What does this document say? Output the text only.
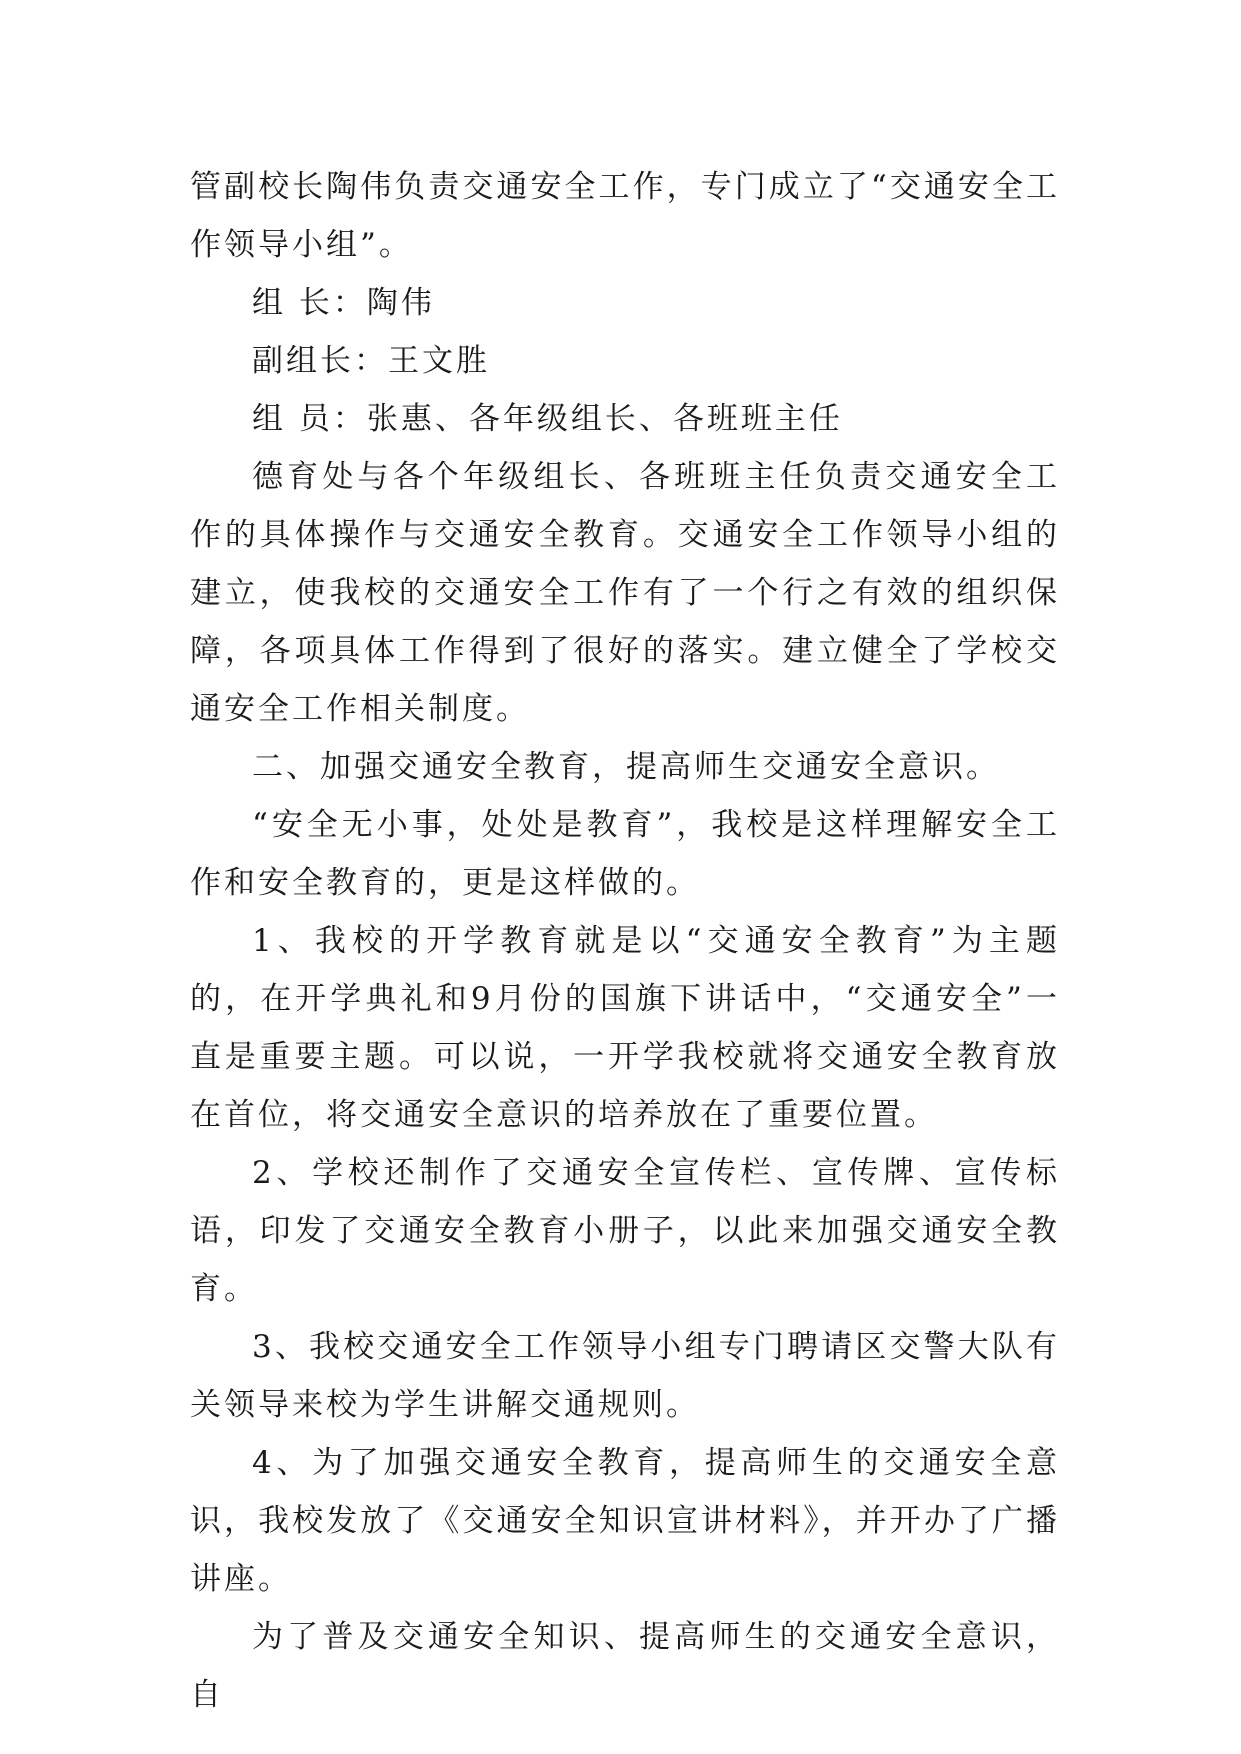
管副校长陶伟负责交通安全工作，专门成立了“交通安全工作领导小组”。

组 长：陶伟

副组长：王文胜

组 员：张惠、各年级组长、各班班主任

德育处与各个年级组长、各班班主任负责交通安全工作的具体操作与交通安全教育。交通安全工作领导小组的建立，使我校的交通安全工作有了一个行之有效的组织保障，各项具体工作得到了很好的落实。建立健全了学校交通安全工作相关制度。

二、加强交通安全教育，提高师生交通安全意识。

“安全无小事，处处是教育”，我校是这样理解安全工作和安全教育的，更是这样做的。

1、我校的开学教育就是以“交通安全教育”为主题的，在开学典礼和9月份的国旗下讲话中，“交通安全”一直是重要主题。可以说，一开学我校就将交通安全教育放在首位，将交通安全意识的培养放在了重要位置。

2、学校还制作了交通安全宣传栏、宣传牌、宣传标语，印发了交通安全教育小册子，以此来加强交通安全教育。

3、我校交通安全工作领导小组专门聘请区交警大队有关领导来校为学生讲解交通规则。

4、为了加强交通安全教育，提高师生的交通安全意识，我校发放了《交通安全知识宣讲材料》，并开办了广播讲座。

为了普及交通安全知识、提高师生的交通安全意识，自
